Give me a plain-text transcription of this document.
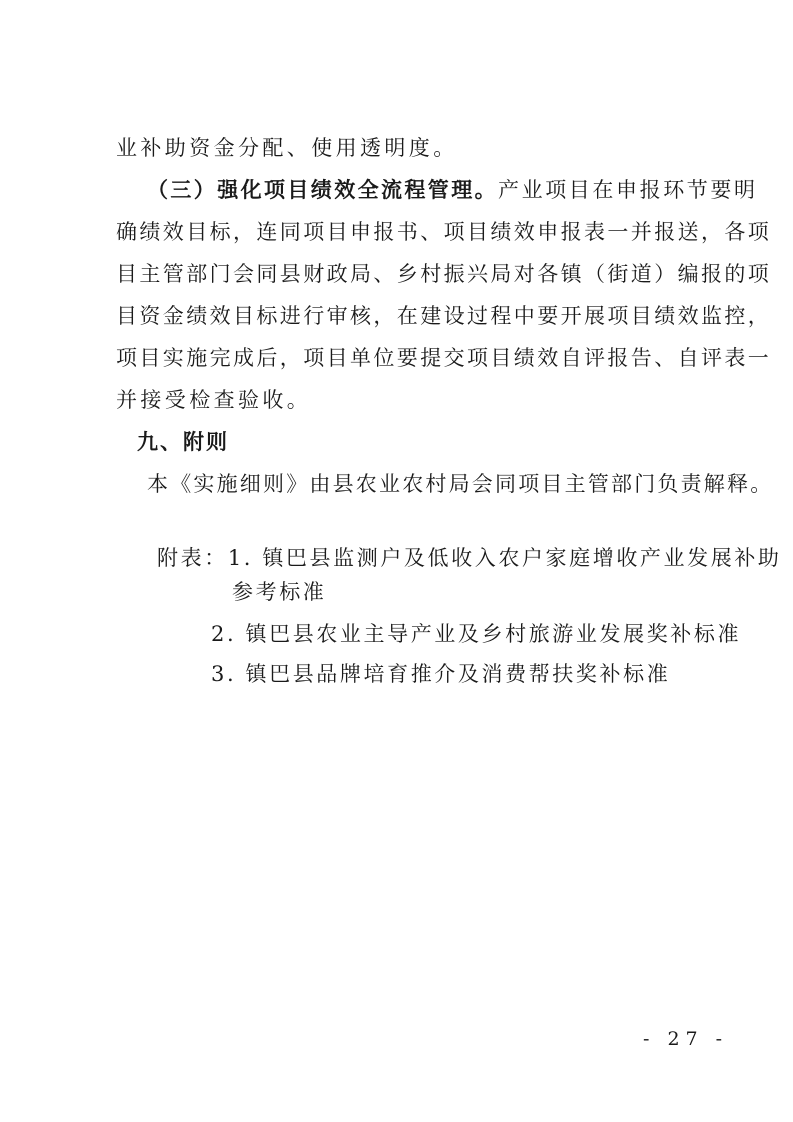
业补助资金分配、使用透明度。
（三）强化项目绩效全流程管理。产业项目在申报环节要明
确绩效目标，连同项目申报书、项目绩效申报表一并报送，各项
目主管部门会同县财政局、乡村振兴局对各镇（街道）编报的项
目资金绩效目标进行审核，在建设过程中要开展项目绩效监控，
项目实施完成后，项目单位要提交项目绩效自评报告、自评表一
并接受检查验收。
九、附则
本《实施细则》由县农业农村局会同项目主管部门负责解释。
附表：1. 镇巴县监测户及低收入农户家庭增收产业发展补助
参考标准
2. 镇巴县农业主导产业及乡村旅游业发展奖补标准
3. 镇巴县品牌培育推介及消费帮扶奖补标准
- 27 -
